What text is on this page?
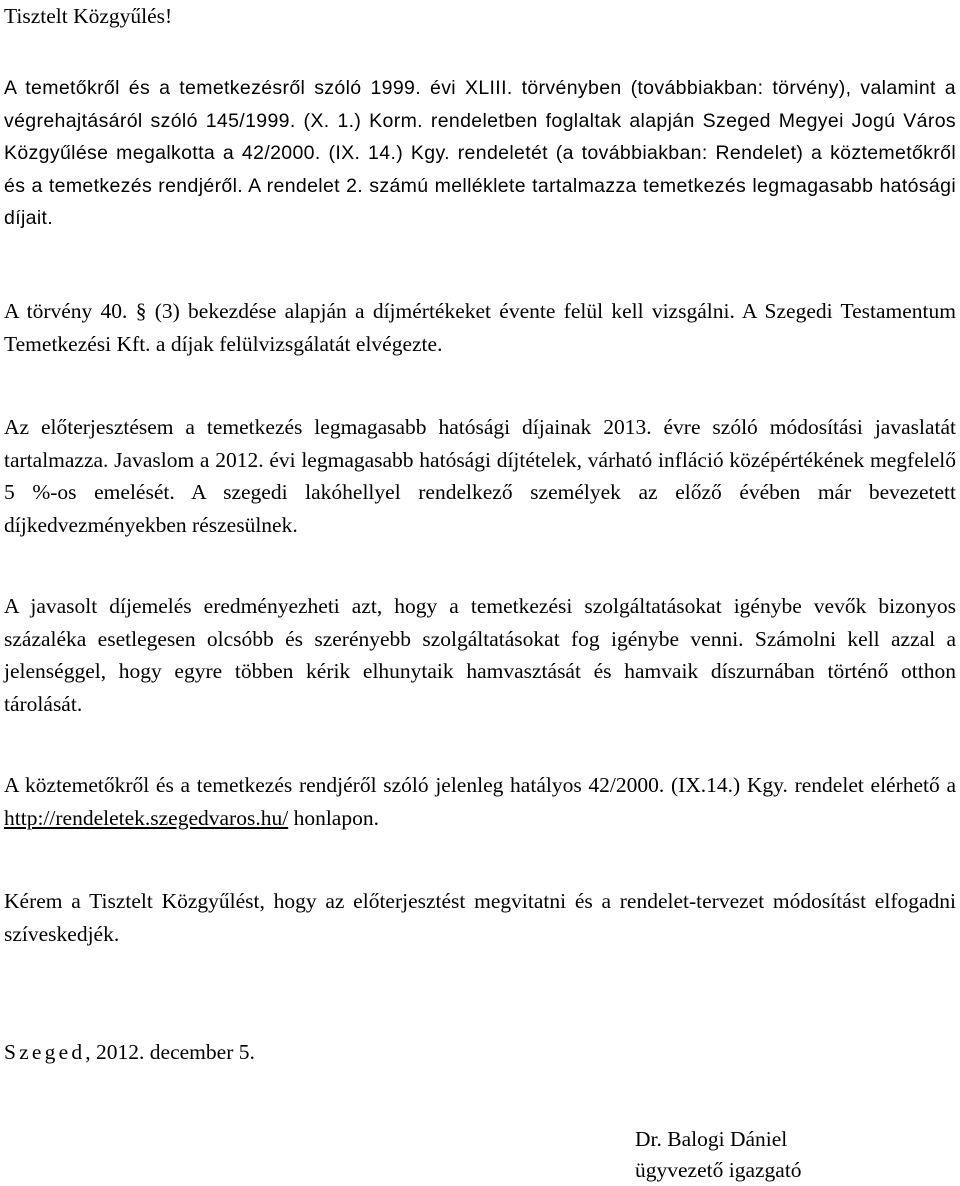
Tisztelt Közgyűlés!

A temetőkről és a temetkezésről szóló 1999. évi XLIII. törvényben (továbbiakban: törvény), valamint a végrehajtásáról szóló 145/1999. (X. 1.) Korm. rendeletben foglaltak alapján Szeged Megyei Jogú Város Közgyűlése megalkotta a 42/2000. (IX. 14.) Kgy. rendeletét (a továbbiakban: Rendelet) a köztemetőkről és a temetkezés rendjéről. A rendelet 2. számú melléklete tartalmazza temetkezés legmagasabb hatósági díjait.

A törvény 40. § (3) bekezdése alapján a díjmértékeket évente felül kell vizsgálni. A Szegedi Testamentum Temetkezési Kft. a díjak felülvizsgálatát elvégezte.

Az előterjesztésem a temetkezés legmagasabb hatósági díjainak 2013. évre szóló módosítási javaslatát tartalmazza. Javaslom a 2012. évi legmagasabb hatósági díjtételek, várható infláció középértékének megfelelő 5 %-os emelését. A szegedi lakóhellyel rendelkező személyek az előző évében már bevezetett díjkedvezményekben részesülnek.

A javasolt díjemelés eredményezheti azt, hogy a temetkezési szolgáltatásokat igénybe vevők bizonyos százaléka esetlegesen olcsóbb és szerényebb szolgáltatásokat fog igénybe venni. Számolni kell azzal a jelenséggel, hogy egyre többen kérik elhunytaik hamvasztását és hamvaik díszurnában történő otthon tárolását.

A köztemetőkről és a temetkezés rendjéről szóló jelenleg hatályos 42/2000. (IX.14.) Kgy. rendelet elérhető a http://rendeletek.szegedvaros.hu/ honlapon.

Kérem a Tisztelt Közgyűlést, hogy az előterjesztést megvitatni és a rendelet-tervezet módosítást elfogadni szíveskedjék.

Szeged, 2012. december 5.

Dr. Balogi Dániel
ügyvezető igazgató
